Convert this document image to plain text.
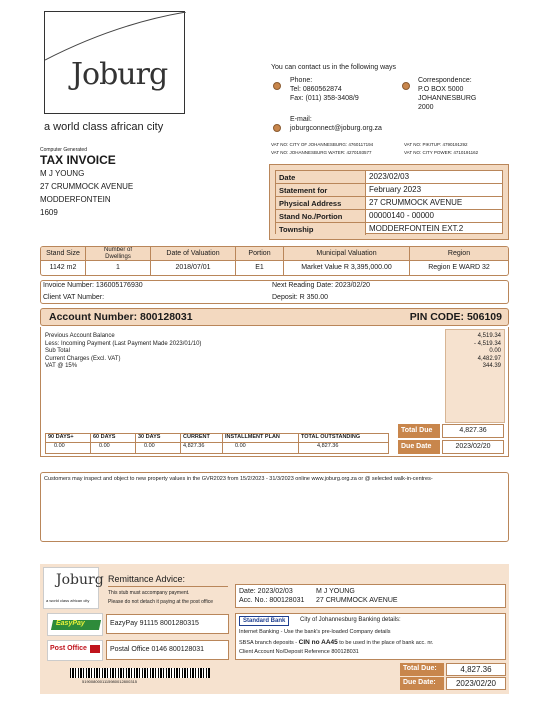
Joburg
a world class african city
You can contact us in the following ways
Phone:
Tel: 0860562874
Fax: (011) 358-3408/9
Correspondence:
P.O BOX 5000
JOHANNESBURG
2000
E-mail:
joburgconnect@joburg.org.za
VAT NO: CITY OF JOHANNESBURG: 4760117194	VAT NO: PIKITUP: 4790191292
VAT NO: JOHANNESBURG WATER: 4270193577	VAT NO: CITY POWER: 4710191162
Computer Generated
TAX INVOICE
M J YOUNG
27 CRUMMOCK AVENUE
MODDERFONTEIN
1609
Date	2023/02/03
Statement for	February 2023
Physical Address	27 CRUMMOCK AVENUE
Stand No./Portion	00000140 - 00000
Township	MODDERFONTEIN EXT.2
Stand Size	Number of Dwellings	Date of Valuation	Portion	Municipal Valuation	Region
1142 m2	1	2018/07/01	E1	Market Value R 3,395,000.00	Region E WARD 32
Invoice Number: 136005176930
Client VAT Number:
Next Reading Date: 2023/02/20
Deposit: R 350.00
Account Number: 800128031	PIN CODE: 506109
Previous Account Balance	4,519.34
Less: Incoming Payment (Last Payment Made 2023/01/10)	- 4,519.34
Sub Total	0.00
Current Charges (Excl. VAT)	4,482.97
VAT @ 15%	344.39
Total Due	4,827.36
Due Date	2023/02/20
90 DAYS+	60 DAYS	30 DAYS	CURRENT	INSTALLMENT PLAN	TOTAL OUTSTANDING
0.00	0.00	0.00	4,827.36	0.00	4,827.36
Customers may inspect and object to new property values in the GVR2023 from 15/2/2023 - 31/3/2023 online www.joburg.org.za or @ selected walk-in-centres-
Joburg
a world class african city
Remittance Advice:
This stub must accompany payment.
Please do not detach it paying at the post office
Date: 2023/02/03
Acc. No.: 800128031
M J YOUNG
27 CRUMMOCK AVENUE
EasyPay	EazyPay 91115 8001280315
Post Office	Postal Office 0146 800128031
5190080001115980012800315
Standard Bank	City of Johannesburg Banking details:
Internet Banking - Use the bank's pre-loaded Company details
SBSA branch deposits - CIN no AA45 to be used in the place of bank acc. nr.
Client Account No/Deposit Reference 800128031
Total Due:	4,827.36
Due Date:	2023/02/20
